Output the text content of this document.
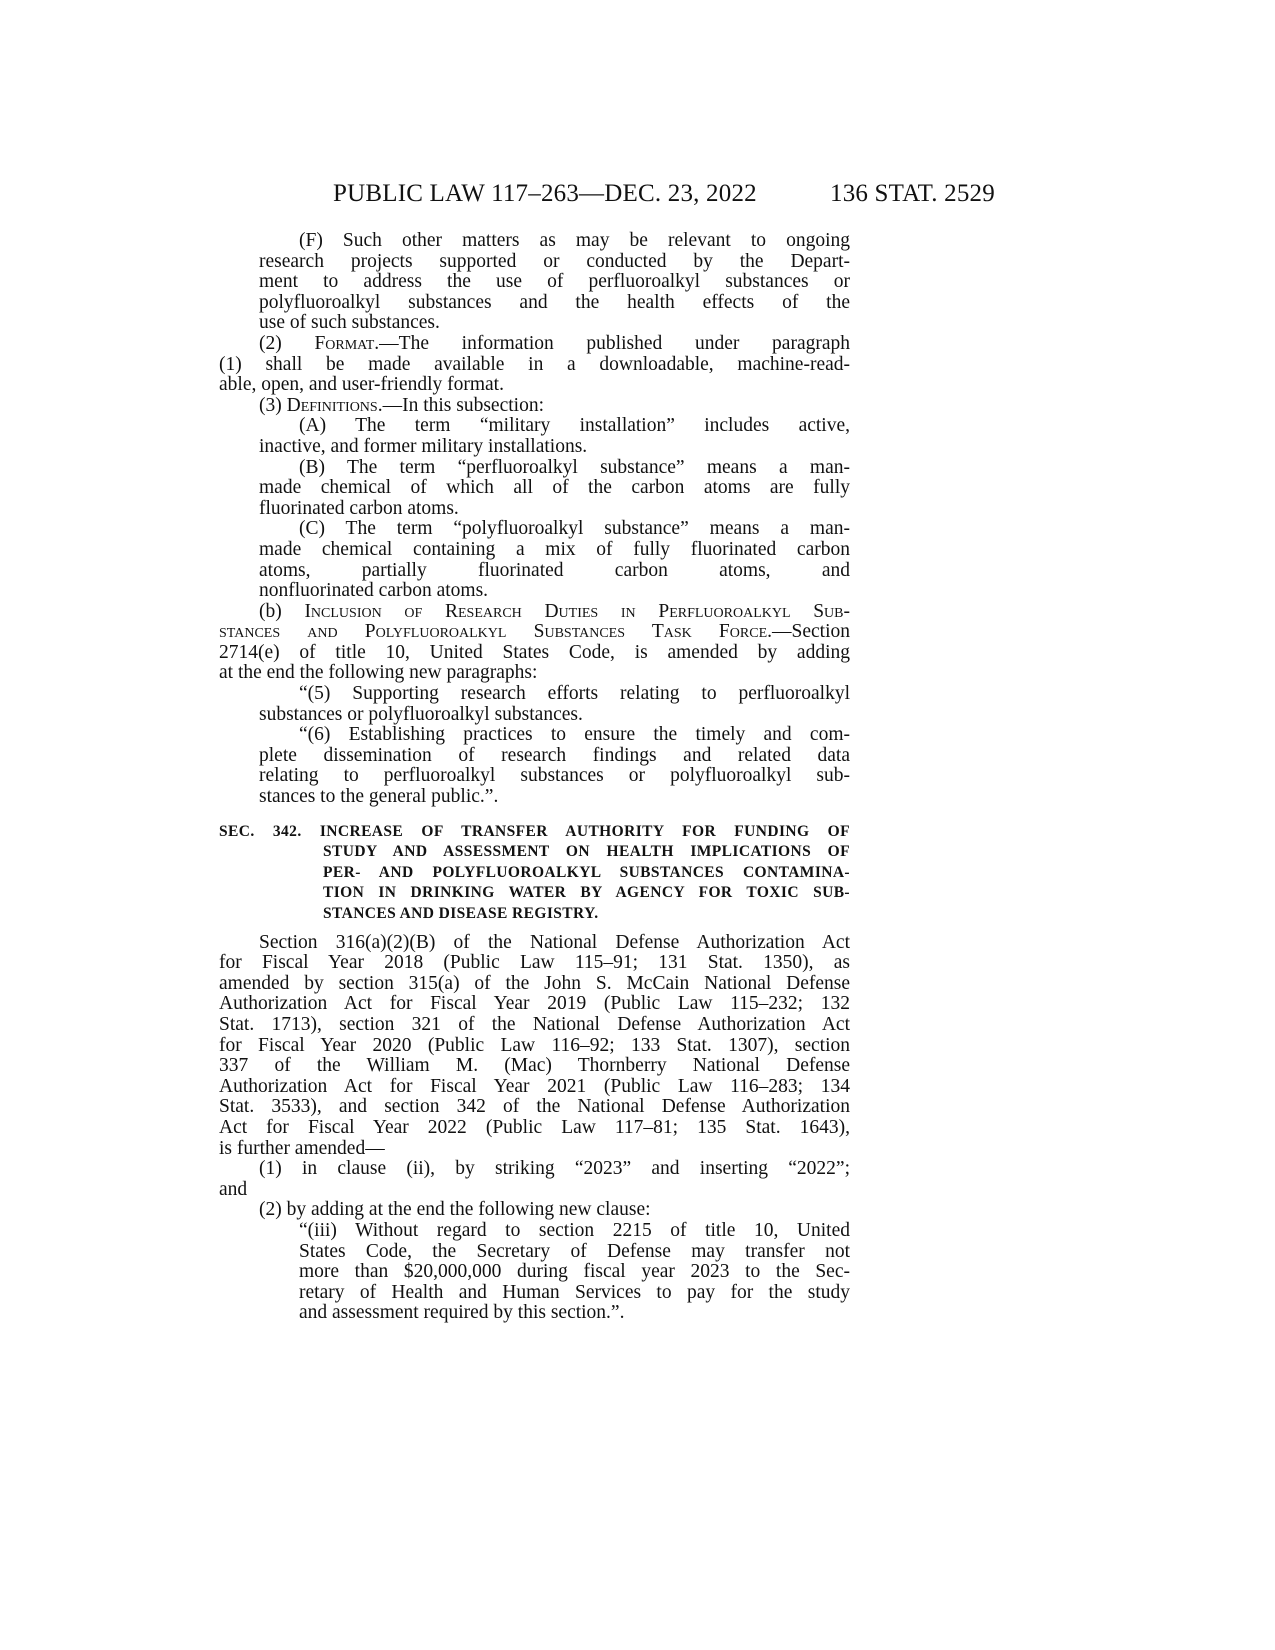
PUBLIC LAW 117–263—DEC. 23, 2022	136 STAT. 2529
(F) Such other matters as may be relevant to ongoing
research projects supported or conducted by the Depart-
ment to address the use of perfluoroalkyl substances or
polyfluoroalkyl substances and the health effects of the
use of such substances.
(2) Format.—The information published under paragraph
(1) shall be made available in a downloadable, machine-read-
able, open, and user-friendly format.
(3) Definitions.—In this subsection:
(A) The term “military installation” includes active,
inactive, and former military installations.
(B) The term “perfluoroalkyl substance” means a man-
made chemical of which all of the carbon atoms are fully
fluorinated carbon atoms.
(C) The term “polyfluoroalkyl substance” means a man-
made chemical containing a mix of fully fluorinated carbon
atoms, partially fluorinated carbon atoms, and
nonfluorinated carbon atoms.
(b) Inclusion of Research Duties in Perfluoroalkyl Sub-
stances and Polyfluoroalkyl Substances Task Force.—Section
2714(e) of title 10, United States Code, is amended by adding
at the end the following new paragraphs:
“(5) Supporting research efforts relating to perfluoroalkyl
substances or polyfluoroalkyl substances.
“(6) Establishing practices to ensure the timely and com-
plete dissemination of research findings and related data
relating to perfluoroalkyl substances or polyfluoroalkyl sub-
stances to the general public.”.
SEC. 342. INCREASE OF TRANSFER AUTHORITY FOR FUNDING OF
STUDY AND ASSESSMENT ON HEALTH IMPLICATIONS OF
PER- AND POLYFLUOROALKYL SUBSTANCES CONTAMINA-
TION IN DRINKING WATER BY AGENCY FOR TOXIC SUB-
STANCES AND DISEASE REGISTRY.
Section 316(a)(2)(B) of the National Defense Authorization Act
for Fiscal Year 2018 (Public Law 115–91; 131 Stat. 1350), as
amended by section 315(a) of the John S. McCain National Defense
Authorization Act for Fiscal Year 2019 (Public Law 115–232; 132
Stat. 1713), section 321 of the National Defense Authorization Act
for Fiscal Year 2020 (Public Law 116–92; 133 Stat. 1307), section
337 of the William M. (Mac) Thornberry National Defense
Authorization Act for Fiscal Year 2021 (Public Law 116–283; 134
Stat. 3533), and section 342 of the National Defense Authorization
Act for Fiscal Year 2022 (Public Law 117–81; 135 Stat. 1643),
is further amended—
(1) in clause (ii), by striking “2023” and inserting “2022”;
and
(2) by adding at the end the following new clause:
“(iii) Without regard to section 2215 of title 10, United
States Code, the Secretary of Defense may transfer not
more than $20,000,000 during fiscal year 2023 to the Sec-
retary of Health and Human Services to pay for the study
and assessment required by this section.”.
